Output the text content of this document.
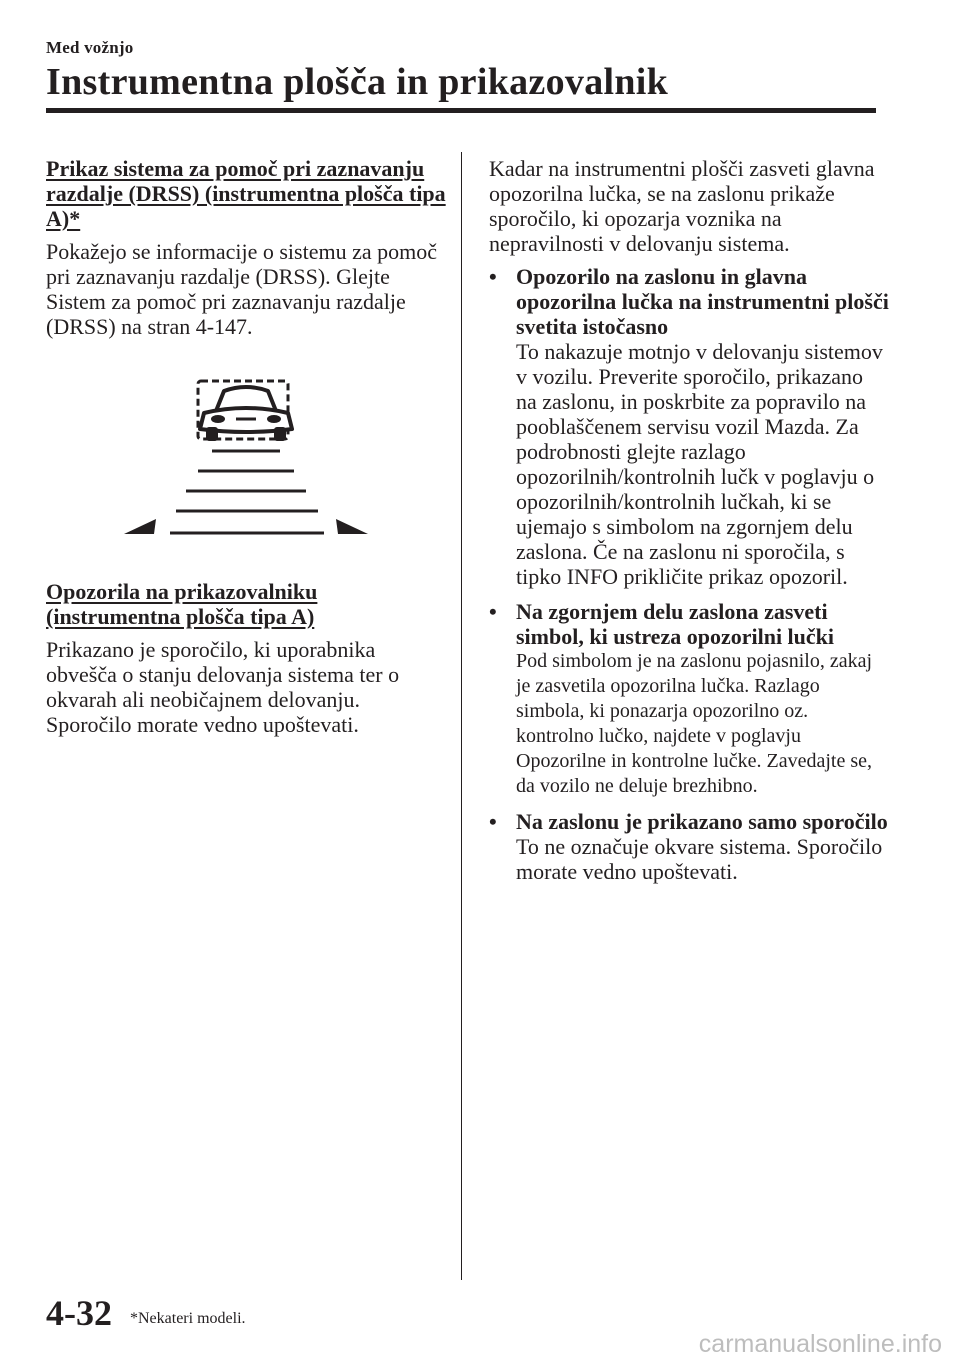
Med vožnjo
Instrumentna plošča in prikazovalnik
Prikaz sistema za pomoč pri zaznavanju razdalje (DRSS) (instrumentna plošča tipa A)*

Pokažejo se informacije o sistemu za pomoč pri zaznavanju razdalje (DRSS). Glejte Sistem za pomoč pri zaznavanju razdalje (DRSS) na stran 4-147.

Opozorila na prikazovalniku (instrumentna plošča tipa A)

Prikazano je sporočilo, ki uporabnika obvešča o stanju delovanja sistema ter o okvarah ali neobičajnem delovanju. Sporočilo morate vedno upoštevati.

Kadar na instrumentni plošči zasveti glavna opozorilna lučka, se na zaslonu prikaže sporočilo, ki opozarja voznika na nepravilnosti v delovanju sistema.

• Opozorilo na zaslonu in glavna opozorilna lučka na instrumentni plošči svetita istočasno
To nakazuje motnjo v delovanju sistemov v vozilu. Preverite sporočilo, prikazano na zaslonu, in poskrbite za popravilo na pooblaščenem servisu vozil Mazda. Za podrobnosti glejte razlago opozorilnih/kontrolnih lučk v poglavju o opozorilnih/kontrolnih lučkah, ki se ujemajo s simbolom na zgornjem delu zaslona. Če na zaslonu ni sporočila, s tipko INFO prikličite prikaz opozoril.
• Na zgornjem delu zaslona zasveti simbol, ki ustreza opozorilni lučki
Pod simbolom je na zaslonu pojasnilo, zakaj je zasvetila opozorilna lučka. Razlago simbola, ki ponazarja opozorilno oz. kontrolno lučko, najdete v poglavju Opozorilne in kontrolne lučke. Zavedajte se, da vozilo ne deluje brezhibno.
• Na zaslonu je prikazano samo sporočilo
To ne označuje okvare sistema. Sporočilo morate vedno upoštevati.
4-32 *Nekateri modeli.
carmanualsonline.info
